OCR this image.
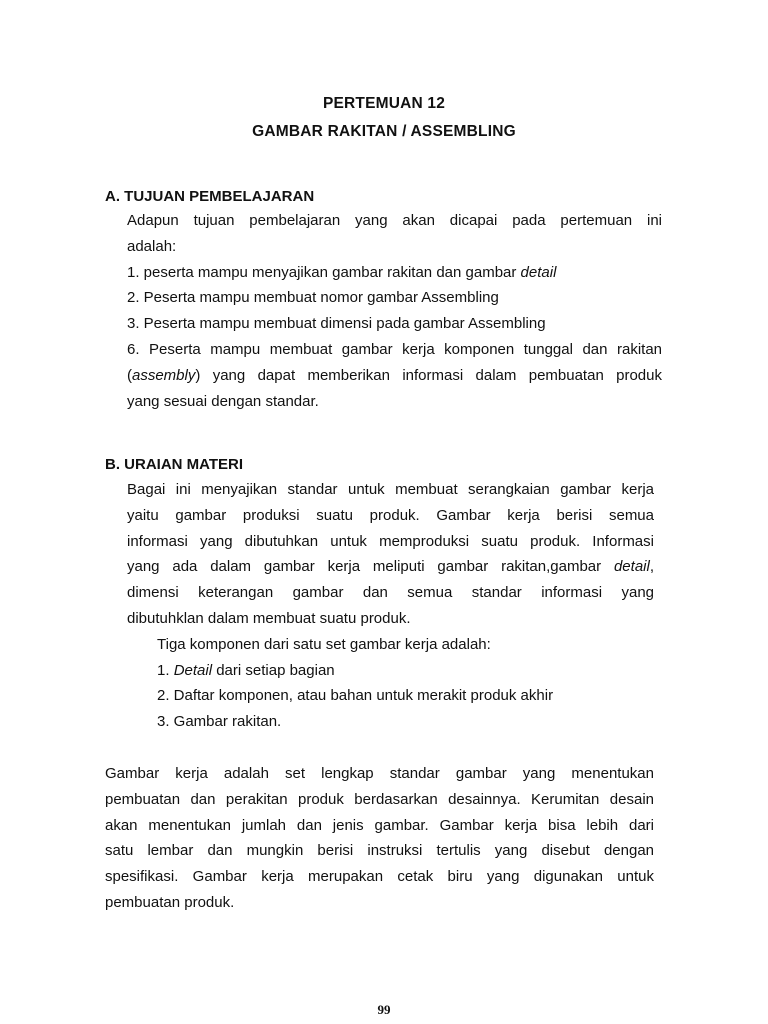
PERTEMUAN 12
GAMBAR RAKITAN / ASSEMBLING
A. TUJUAN PEMBELAJARAN
Adapun tujuan pembelajaran yang akan dicapai pada pertemuan ini
adalah:
1. peserta mampu menyajikan gambar rakitan dan gambar detail
2. Peserta mampu membuat nomor gambar Assembling
3. Peserta mampu membuat dimensi pada gambar Assembling
6. Peserta mampu membuat gambar kerja komponen tunggal dan rakitan
(assembly) yang dapat memberikan informasi dalam pembuatan produk
yang sesuai dengan standar.
B. URAIAN MATERI
Bagai ini menyajikan standar untuk membuat serangkaian gambar kerja
yaitu gambar produksi suatu produk. Gambar kerja berisi semua
informasi yang dibutuhkan untuk memproduksi suatu produk. Informasi
yang ada dalam gambar kerja meliputi gambar rakitan,gambar detail,
dimensi keterangan gambar dan semua standar informasi yang
dibutuhklan dalam membuat suatu produk.
Tiga komponen dari satu set gambar kerja adalah:
1. Detail dari setiap bagian
2. Daftar komponen, atau bahan untuk merakit produk akhir
3. Gambar rakitan.
Gambar kerja adalah set lengkap standar gambar yang menentukan
pembuatan dan perakitan produk berdasarkan desainnya. Kerumitan desain
akan menentukan jumlah dan jenis gambar. Gambar kerja bisa lebih dari
satu lembar dan mungkin berisi instruksi tertulis yang disebut dengan
spesifikasi. Gambar kerja merupakan cetak biru yang digunakan untuk
pembuatan produk.
99
